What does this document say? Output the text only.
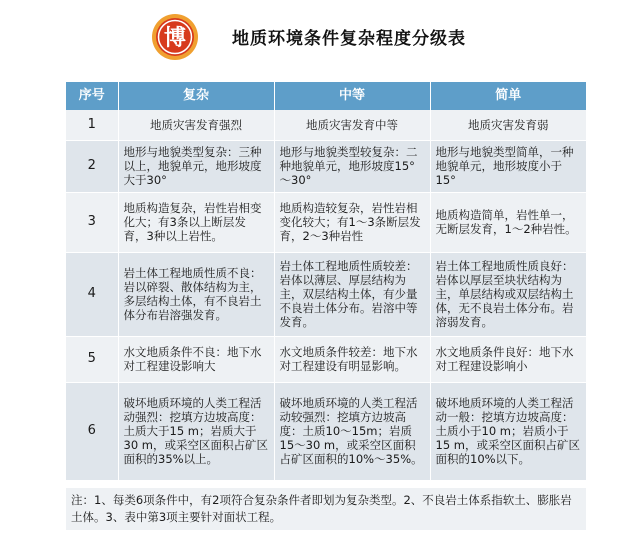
博	地质环境条件复杂程度分级表
序号	复杂	中等	简单
1	地质灾害发育强烈	地质灾害发育中等	地质灾害发育弱
2	地形与地貌类型复杂：三种以上，地貌单元，地形坡度大于30°	地形与地貌类型较复杂：二种地貌单元，地形坡度15°～30°	地形与地貌类型简单，一种地貌单元，地形坡度小于15°
3	地质构造复杂，岩性岩相变化大；有3条以上断层发育，3种以上岩性。	地质构造较复杂，岩性岩相变化较大；有1～3条断层发育，2～3种岩性	地质构造简单，岩性单一，无断层发育，1～2种岩性。
4	岩土体工程地质性质不良：岩以碎裂、散体结构为主，多层结构土体，有不良岩土体分布岩溶强发育。	岩土体工程地质性质较差：岩体以薄层、厚层结构为主，双层结构土体，有少量不良岩土体分布。岩溶中等发育。	岩土体工程地质性质良好：岩体以厚层至块状结构为主，单层结构或双层结构土体，无不良岩土体分布。岩溶弱发育。
5	水文地质条件不良：地下水对工程建设影响大	水文地质条件较差：地下水对工程建设有明显影响。	水文地质条件良好：地下水对工程建设影响小
6	破坏地质环境的人类工程活动强烈：挖填方边坡高度：土质大于15 m；岩质大于30 m，或采空区面积占矿区面积的35%以上。	破坏地质环境的人类工程活动较强烈：挖填方边坡高度：土质10～15m；岩质15～30 m，或采空区面积占矿区面积的10%～35%。	破坏地质环境的人类工程活动一般：挖填方边坡高度：土质小于10 m；岩质小于15 m，或采空区面积占矿区面积的10%以下。
注：1、每类6项条件中，有2项符合复杂条件者即划为复杂类型。2、不良岩土体系指软土、膨胀岩土体。3、表中第3项主要针对面状工程。
